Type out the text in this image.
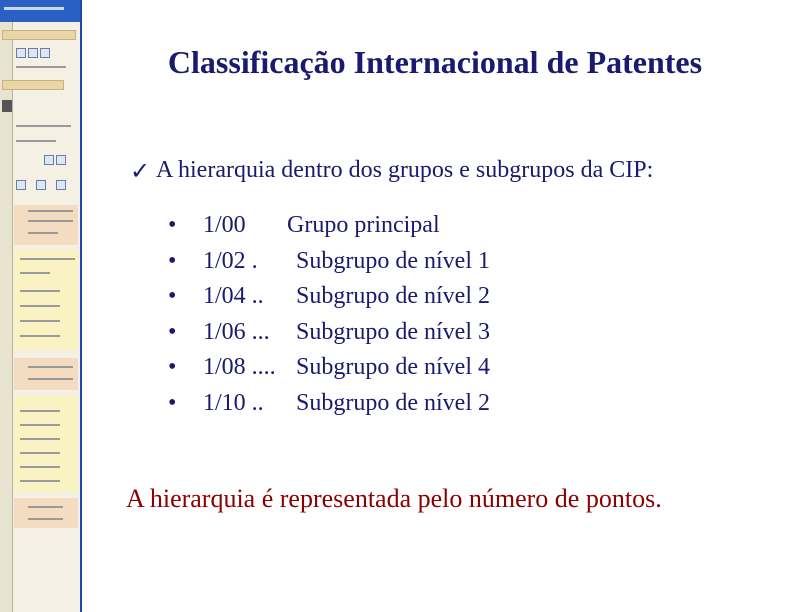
Classificação Internacional de Patentes
✓ A hierarquia dentro dos grupos e subgrupos da CIP:
• 1/00 Grupo principal
• 1/02 . Subgrupo de nível 1
• 1/04 .. Subgrupo de nível 2
• 1/06 ... Subgrupo de nível 3
• 1/08 .... Subgrupo de nível 4
• 1/10 .. Subgrupo de nível 2
A hierarquia é representada pelo número de pontos.
